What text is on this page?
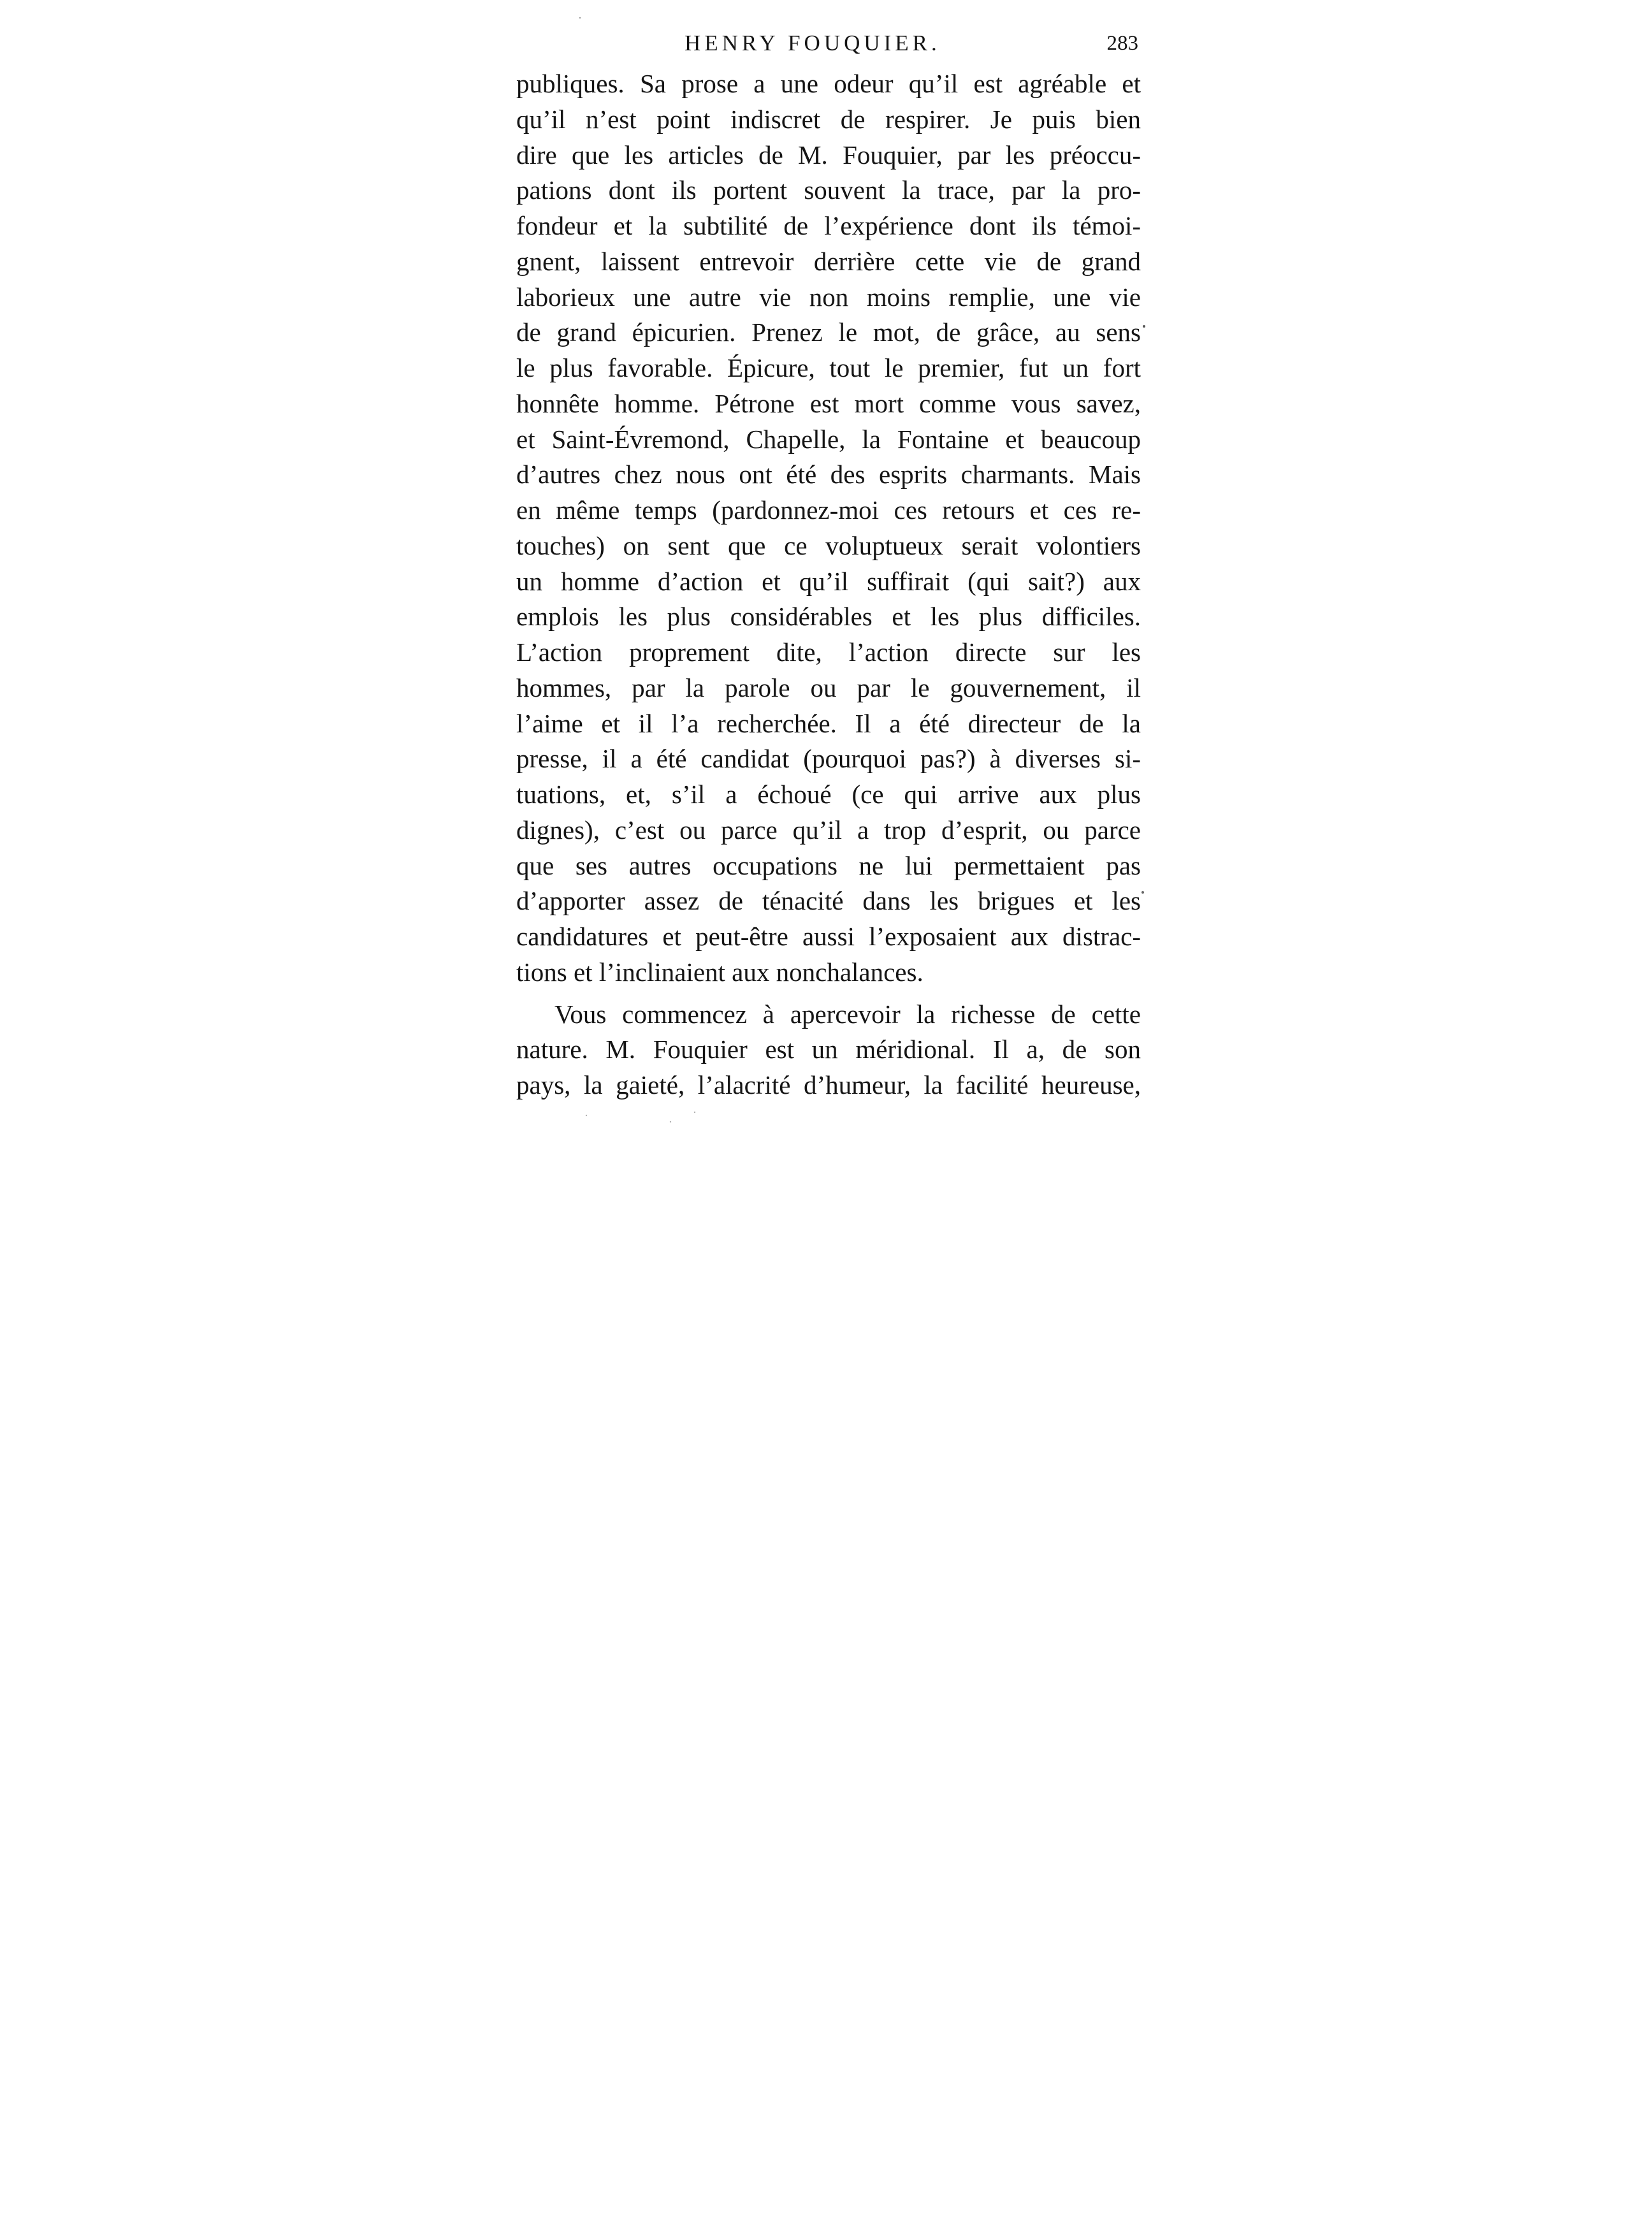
HENRY FOUQUIER.	283
publiques. Sa prose a une odeur qu’il est agréable et
qu’il n’est point indiscret de respirer. Je puis bien
dire que les articles de M. Fouquier, par les préoccu-
pations dont ils portent souvent la trace, par la pro-
fondeur et la subtilité de l’expérience dont ils témoi-
gnent, laissent entrevoir derrière cette vie de grand
laborieux une autre vie non moins remplie, une vie
de grand épicurien. Prenez le mot, de grâce, au sens
le plus favorable. Épicure, tout le premier, fut un fort
honnête homme. Pétrone est mort comme vous savez,
et Saint-Évremond, Chapelle, la Fontaine et beaucoup
d’autres chez nous ont été des esprits charmants. Mais
en même temps (pardonnez-moi ces retours et ces re-
touches) on sent que ce voluptueux serait volontiers
un homme d’action et qu’il suffirait (qui sait?) aux
emplois les plus considérables et les plus difficiles.
L’action proprement dite, l’action directe sur les
hommes, par la parole ou par le gouvernement, il
l’aime et il l’a recherchée. Il a été directeur de la
presse, il a été candidat (pourquoi pas?) à diverses si-
tuations, et, s’il a échoué (ce qui arrive aux plus
dignes), c’est ou parce qu’il a trop d’esprit, ou parce
que ses autres occupations ne lui permettaient pas
d’apporter assez de ténacité dans les brigues et les
candidatures et peut-être aussi l’exposaient aux distrac-
tions et l’inclinaient aux nonchalances.
Vous commencez à apercevoir la richesse de cette
nature. M. Fouquier est un méridional. Il a, de son
pays, la gaieté, l’alacrité d’humeur, la facilité heureuse,
